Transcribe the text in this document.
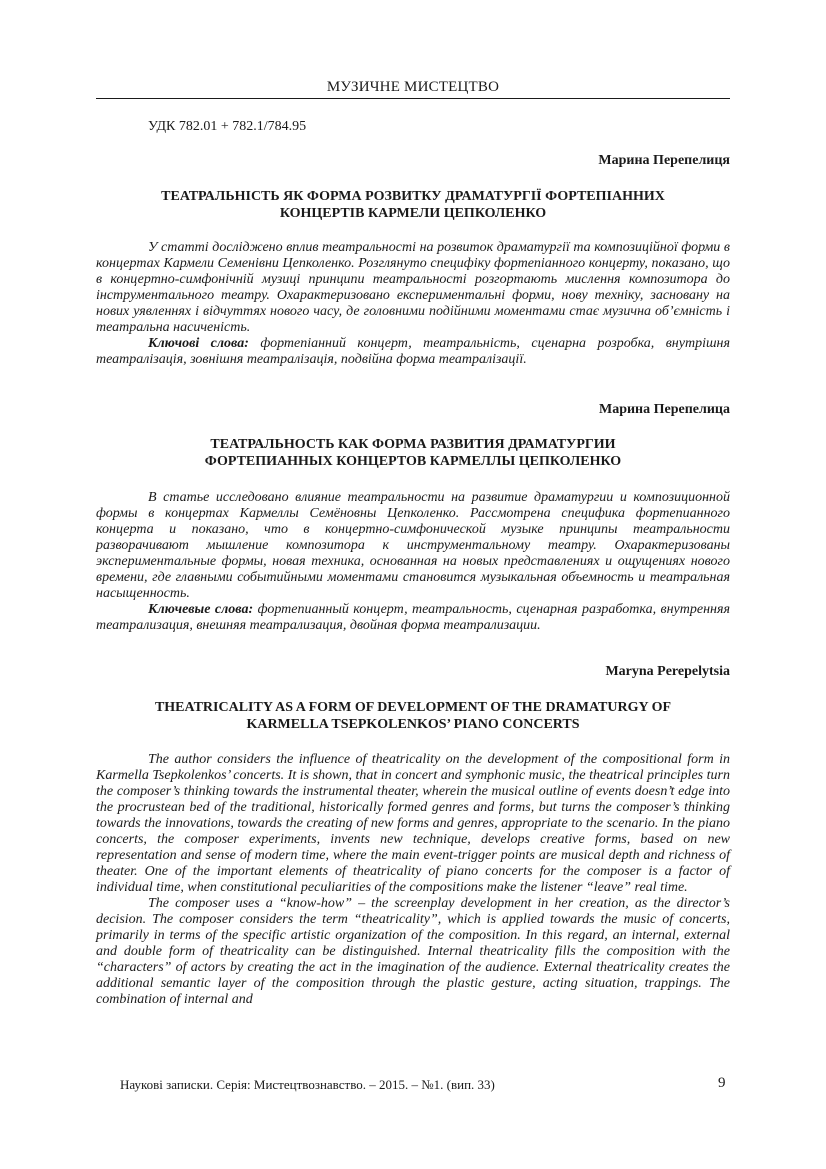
МУЗИЧНЕ МИСТЕЦТВО
УДК 782.01 + 782.1/784.95
Марина Перепелиця
ТЕАТРАЛЬНІСТЬ ЯК ФОРМА РОЗВИТКУ ДРАМАТУРГІЇ ФОРТЕПІАННИХ
КОНЦЕРТІВ КАРМЕЛИ ЦЕПКОЛЕНКО

У статті досліджено вплив театральності на розвиток драматургії та композиційної форми в концертах Кармели Семенівни Цепколенко. Розглянуто специфіку фортепіанного концерту, показано, що в концертно-симфонічній музиці принципи театральності розгортають мислення композитора до інструментального театру. Охарактеризовано експериментальні форми, нову техніку, засновану на нових уявленнях і відчуттях нового часу, де головними подійними моментами стає музична об’ємність і театральна насиченість.

Ключові слова: фортепіанний концерт, театральність, сценарна розробка, внутрішня театралізація, зовнішня театралізація, подвійна форма театралізації.

Марина Перепелица
ТЕАТРАЛЬНОСТЬ КАК ФОРМА РАЗВИТИЯ ДРАМАТУРГИИ
ФОРТЕПИАННЫХ КОНЦЕРТОВ КАРМЕЛЛЫ ЦЕПКОЛЕНКО

В статье исследовано влияние театральности на развитие драматургии и композиционной формы в концертах Кармеллы Семёновны Цепколенко. Рассмотрена специфика фортепианного концерта и показано, что в концертно-симфонической музыке принципы театральности разворачивают мышление композитора к инструментальному театру. Охарактеризованы экспериментальные формы, новая техника, основанная на новых представлениях и ощущениях нового времени, где главными событийными моментами становится музыкальная объемность и театральная насыщенность.

Ключевые слова: фортепианный концерт, театральность, сценарная разработка, внутренняя театрализация, внешняя театрализация, двойная форма театрализации.

Maryna Perepelytsia
THEATRICALITY AS A FORM OF DEVELOPMENT OF THE DRAMATURGY OF
KARMELLA TSEPKOLENKOS’ PIANO CONCERTS

The author considers the influence of theatricality on the development of the compositional form in Karmella Tsepkolenkos’ concerts. It is shown, that in concert and symphonic music, the theatrical principles turn the composer’s thinking towards the instrumental theater, wherein the musical outline of events doesn’t edge into the procrustean bed of the traditional, historically formed genres and forms, but turns the composer’s thinking towards the innovations, towards the creating of new forms and genres, appropriate to the scenario. In the piano concerts, the composer experiments, invents new technique, develops creative forms, based on new representation and sense of modern time, where the main event-trigger points are musical depth and richness of theater. One of the important elements of theatricality of piano concerts for the composer is a factor of individual time, when constitutional peculiarities of the compositions make the listener “leave” real time.

The composer uses a “know-how” – the screenplay development in her creation, as the director’s decision. The composer considers the term “theatricality”, which is applied towards the music of concerts, primarily in terms of the specific artistic organization of the composition. In this regard, an internal, external and double form of theatricality can be distinguished. Internal theatricality fills the composition with the “characters” of actors by creating the act in the imagination of the audience. External theatricality creates the additional semantic layer of the composition through the plastic gesture, acting situation, trappings. The combination of internal and

Наукові записки. Серія: Мистецтвознавство. – 2015. – №1. (вип. 33)	9
